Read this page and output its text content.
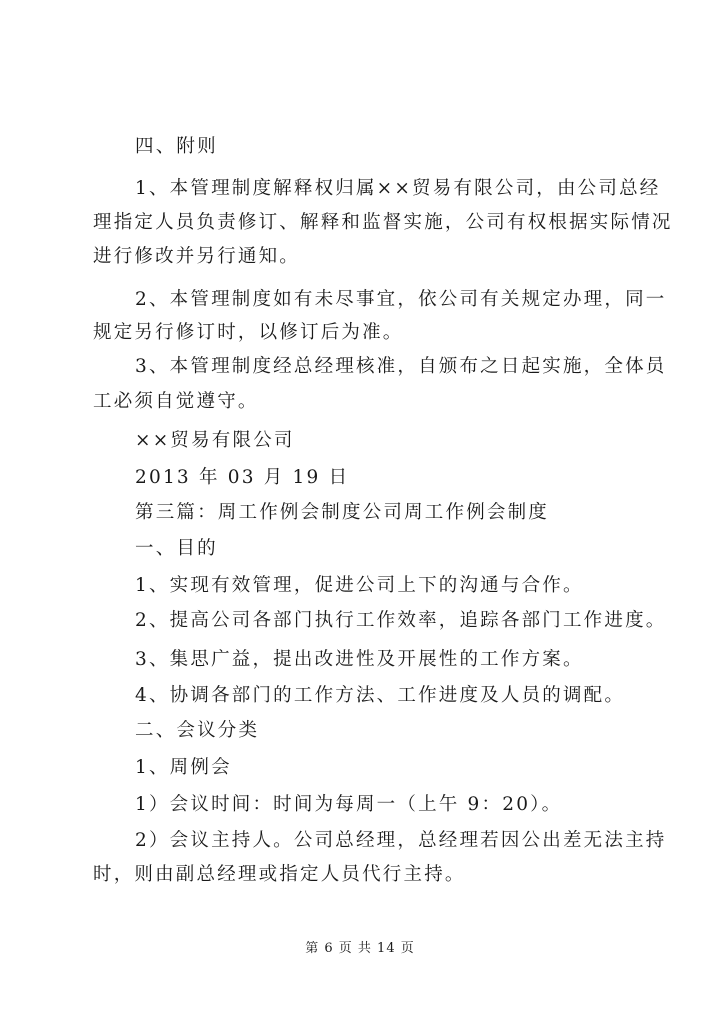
四、附则
1、本管理制度解释权归属××贸易有限公司，由公司总经
理指定人员负责修订、解释和监督实施，公司有权根据实际情况
进行修改并另行通知。
2、本管理制度如有未尽事宜，依公司有关规定办理，同一
规定另行修订时，以修订后为准。
3、本管理制度经总经理核准，自颁布之日起实施，全体员
工必须自觉遵守。
××贸易有限公司
2013 年 03 月 19 日
第三篇：周工作例会制度公司周工作例会制度
一、目的
1、实现有效管理，促进公司上下的沟通与合作。
2、提高公司各部门执行工作效率，追踪各部门工作进度。
3、集思广益，提出改进性及开展性的工作方案。
4、协调各部门的工作方法、工作进度及人员的调配。
二、会议分类
1、周例会
1）会议时间：时间为每周一（上午 9：20）。
2）会议主持人。公司总经理，总经理若因公出差无法主持
时，则由副总经理或指定人员代行主持。
第 6 页 共 14 页
